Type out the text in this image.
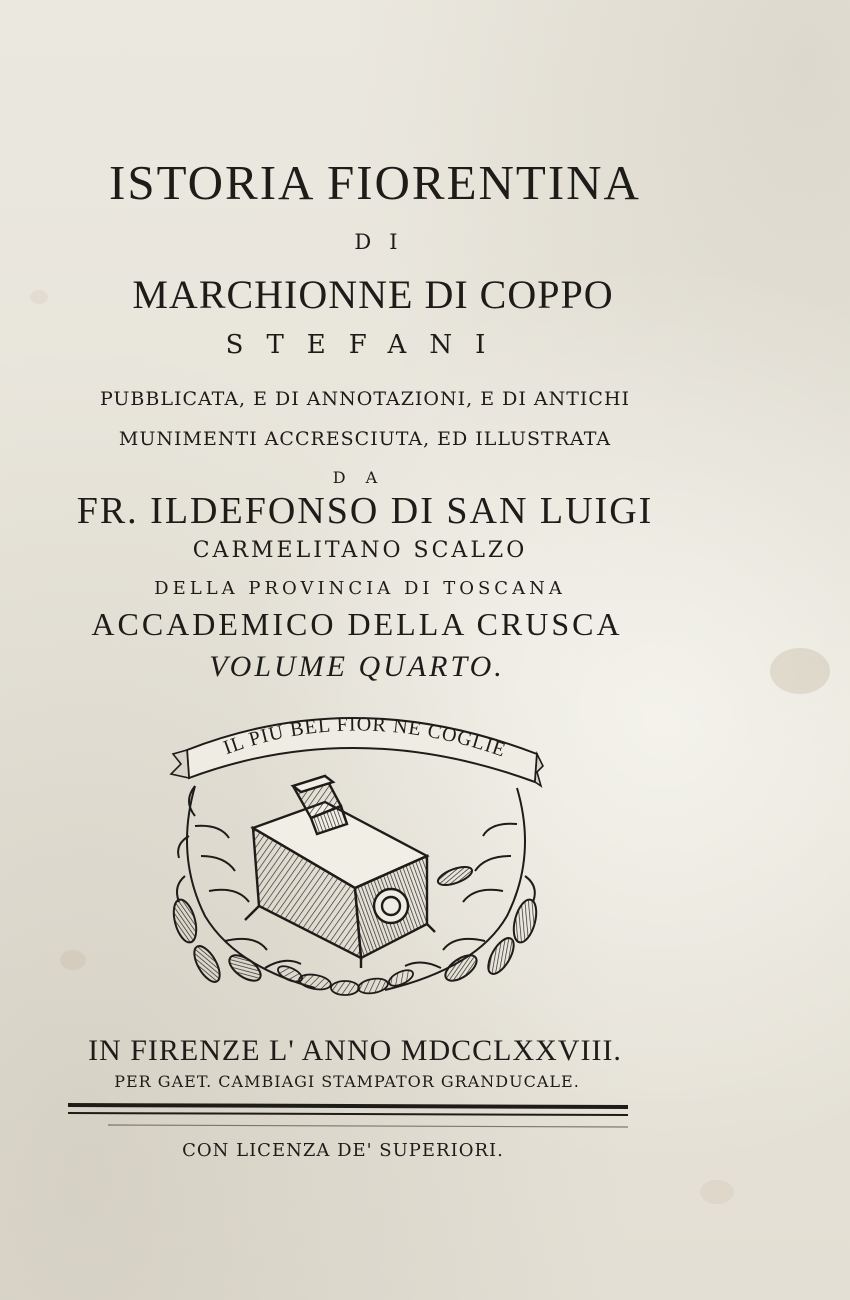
ISTORIA FIORENTINA
DI
MARCHIONNE DI COPPO
STEFANI
PUBBLICATA, E DI ANNOTAZIONI, E DI ANTICHI
MUNIMENTI ACCRESCIUTA, ED ILLUSTRATA
DA
FR. ILDEFONSO DI SAN LUIGI
CARMELITANO SCALZO
DELLA PROVINCIA DI TOSCANA
ACCADEMICO DELLA CRUSCA
VOLUME QUARTO.
IL PIU BEL FIOR NE COGLIE
IN FIRENZE L' ANNO MDCCLXXVIII.
PER GAET. CAMBIAGI STAMPATOR GRANDUCALE.
CON LICENZA DE' SUPERIORI.
